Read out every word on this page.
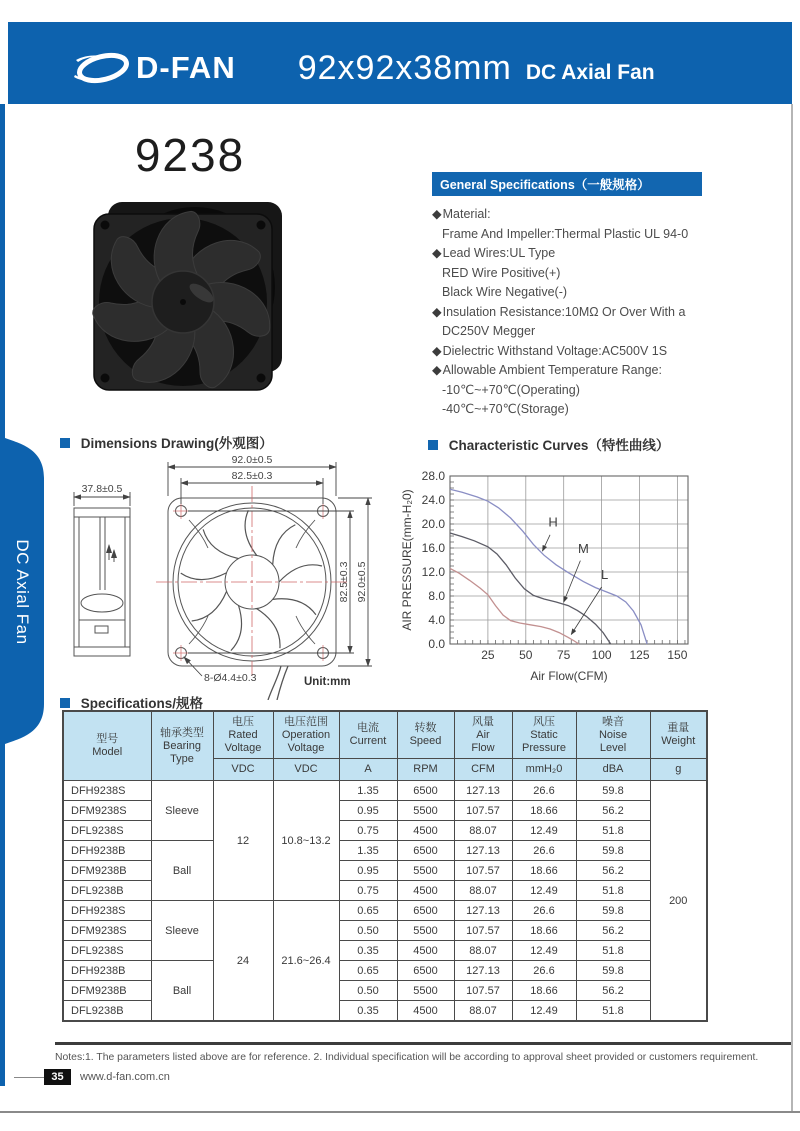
D-FAN 92x92x38mm DC Axial Fan
DC Axial Fan
9238
General Specifications（一般规格）
◆Material:
Frame And Impeller:Thermal Plastic UL 94-0
◆Lead Wires:UL Type
RED Wire Positive(+)
Black Wire Negative(-)
◆Insulation Resistance:10MΩ Or Over With a
DC250V Megger
◆Dielectric Withstand Voltage:AC500V 1S
◆Allowable Ambient Temperature Range:
-10℃~+70℃(Operating)
-40℃~+70℃(Storage)
Dimensions Drawing(外观图）
37.8±0.5
92.0±0.5
82.5±0.3
82.5±0.3 92.0±0.5
8-Ø4.4±0.3	Unit:mm
Characteristic Curves（特性曲线）
25 50 75 100 125 150
0.0
4.0
8.0
12.0
16.0
20.0
24.0
28.0
H
M
L
Air Flow(CFM)
AIR PRESSURE(mm-H₂0)
Specifications/规格
型号
Model	轴承类型
Bearing
Type	电压
Rated
Voltage	电压范围
Operation
Voltage	电流
Current	转数
Speed	风量
Air
Flow	风压
Static
Pressure	噪音
Noise
Level	重量
Weight
		VDC	VDC	A	RPM	CFM	mmH₂0	dBA	g
DFH9238S	Sleeve	12	10.8~13.2	1.35	6500	127.13	26.6	59.8	200
DFM9238S				0.95	5500	107.57	18.66	56.2	
DFL9238S				0.75	4500	88.07	12.49	51.8	
DFH9238B	Ball			1.35	6500	127.13	26.6	59.8	
DFM9238B				0.95	5500	107.57	18.66	56.2	
DFL9238B				0.75	4500	88.07	12.49	51.8	
DFH9238S	Sleeve	24	21.6~26.4	0.65	6500	127.13	26.6	59.8	
DFM9238S				0.50	5500	107.57	18.66	56.2	
DFL9238S				0.35	4500	88.07	12.49	51.8	
DFH9238B	Ball			0.65	6500	127.13	26.6	59.8	
DFM9238B				0.50	5500	107.57	18.66	56.2	
DFL9238B				0.35	4500	88.07	12.49	51.8	
Notes:1. The parameters listed above are for reference. 2. Individual specification will be according to approval sheet provided or customers requirement.
35	www.d-fan.com.cn
